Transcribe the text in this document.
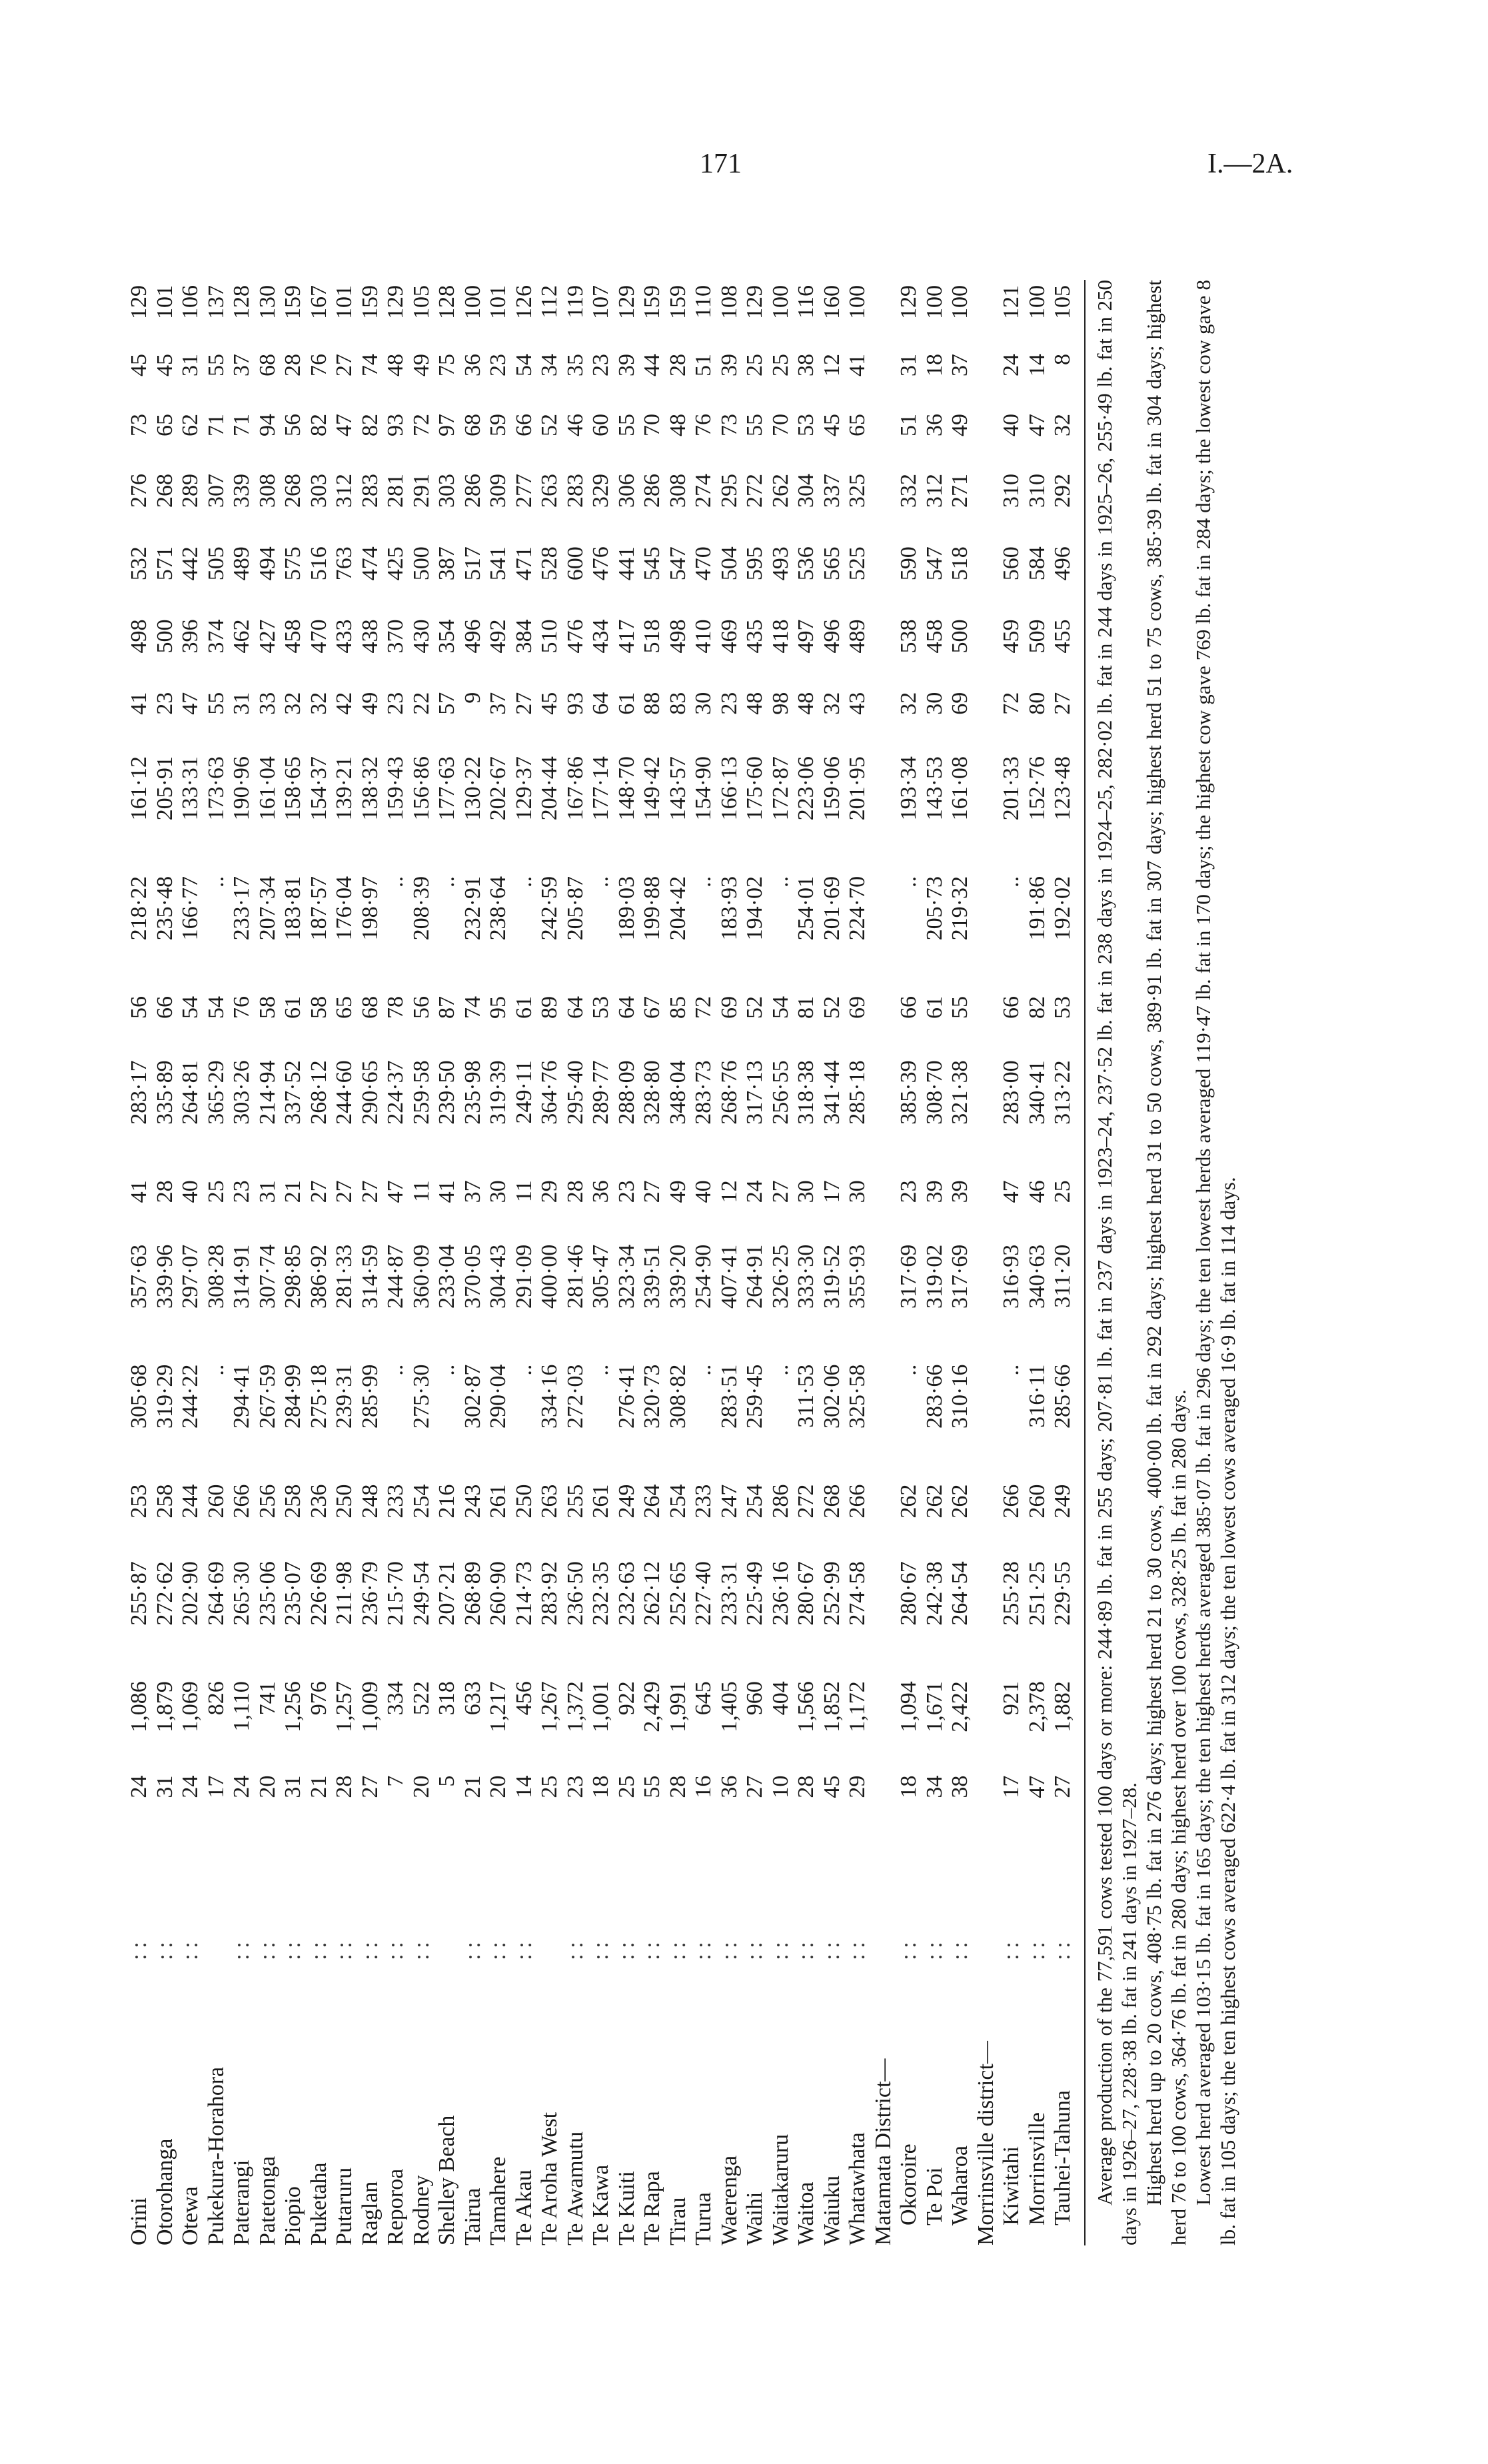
171	I.—2A.
Orini	: :	24	1,086	255·87	253	305·68	357·63	41	283·17	56	218·22	161·12	41	498	532	276	73	45	129
Otorohanga	: :	31	1,879	272·62	258	319·29	339·96	28	335·89	66	235·48	205·91	23	500	571	268	65	45	101
Otewa	: :	24	1,069	202·90	244	244·22	297·07	40	264·81	54	166·77	133·31	47	396	442	289	62	31	106
Pukekura-Horahora		17	826	264·69	260	..	308·28	25	365·29	54	..	173·63	55	374	505	307	71	55	137
Paterangi	: :	24	1,110	265·30	266	294·41	314·91	23	303·26	76	233·17	190·96	31	462	489	339	71	37	128
Patetonga	: :	20	741	235·06	256	267·59	307·74	31	214·94	58	207·34	161·04	33	427	494	308	94	68	130
Piopio	: :	31	1,256	235·07	258	284·99	298·85	21	337·52	61	183·81	158·65	32	458	575	268	56	28	159
Puketaha	: :	21	976	226·69	236	275·18	386·92	27	268·12	58	187·57	154·37	32	470	516	303	82	76	167
Putaruru	: :	28	1,257	211·98	250	239·31	281·33	27	244·60	65	176·04	139·21	42	433	763	312	47	27	101
Raglan	: :	27	1,009	236·79	248	285·99	314·59	27	290·65	68	198·97	138·32	49	438	474	283	82	74	159
Reporoa	: :	7	334	215·70	233	..	244·87	47	224·37	78	..	159·43	23	370	425	281	93	48	129
Rodney	: :	20	522	249·54	254	275·30	360·09	11	259·58	56	208·39	156·86	22	430	500	291	72	49	105
Shelley Beach		5	318	207·21	216	..	233·04	41	239·50	87	..	177·63	57	354	387	303	97	75	128
Tairua	: :	21	633	268·89	243	302·87	370·05	37	235·98	74	232·91	130·22	9	496	517	286	68	36	100
Tamahere	: :	20	1,217	260·90	261	290·04	304·43	30	319·39	95	238·64	202·67	37	492	541	309	59	23	101
Te Akau	: :	14	456	214·73	250	..	291·09	11	249·11	61	..	129·37	27	384	471	277	66	54	126
Te Aroha West		25	1,267	283·92	263	334·16	400·00	29	364·76	89	242·59	204·44	45	510	528	263	52	34	112
Te Awamutu	: :	23	1,372	236·50	255	272·03	281·46	28	295·40	64	205·87	167·86	93	476	600	283	46	35	119
Te Kawa	: :	18	1,001	232·35	261	..	305·47	36	289·77	53	..	177·14	64	434	476	329	60	23	107
Te Kuiti	: :	25	922	232·63	249	276·41	323·34	23	288·09	64	189·03	148·70	61	417	441	306	55	39	129
Te Rapa	: :	55	2,429	262·12	264	320·73	339·51	27	328·80	67	199·88	149·42	88	518	545	286	70	44	159
Tirau	: :	28	1,991	252·65	254	308·82	339·20	49	348·04	85	204·42	143·57	83	498	547	308	48	28	159
Turua	: :	16	645	227·40	233	..	254·90	40	283·73	72	..	154·90	30	410	470	274	76	51	110
Waerenga	: :	36	1,405	233·31	247	283·51	407·41	12	268·76	69	183·93	166·13	23	469	504	295	73	39	108
Waihi	: :	27	960	225·49	254	259·45	264·91	24	317·13	52	194·02	175·60	48	435	595	272	55	25	129
Waitakaruru	: :	10	404	236·16	286	..	326·25	27	256·55	54	..	172·87	98	418	493	262	70	25	100
Waitoa	: :	28	1,566	280·67	272	311·53	333·30	30	318·38	81	254·01	223·06	48	497	536	304	53	38	116
Waiuku	: :	45	1,852	252·99	268	302·06	319·52	17	341·44	52	201·69	159·06	32	496	565	337	45	12	160
Whatawhata	: :	29	1,172	274·58	266	325·58	355·93	30	285·18	69	224·70	201·95	43	489	525	325	65	41	100
Matamata District—																			
Okoroire	: :	18	1,094	280·67	262	..	317·69	23	385·39	66	..	193·34	32	538	590	332	51	31	129
Te Poi	: :	34	1,671	242·38	262	283·66	319·02	39	308·70	61	205·73	143·53	30	458	547	312	36	18	100
Waharoa	: :	38	2,422	264·54	262	310·16	317·69	39	321·38	55	219·32	161·08	69	500	518	271	49	37	100
Morrinsville district—																			
Kiwitahi	: :	17	921	255·28	266	..	316·93	47	283·00	66	..	201·33	72	459	560	310	40	24	121
Morrinsville	: :	47	2,378	251·25	260	316·11	340·63	46	340·41	82	191·86	152·76	80	509	584	310	47	14	100
Tauhei-Tahuna	: :	27	1,882	229·55	249	285·66	311·20	25	313·22	53	192·02	123·48	27	455	496	292	32	8	105 Average production of the 77,591 cows tested 100 days or more: 244·89 lb. fat in 255 days; 207·81 lb. fat in 237 days in 1923–24, 237·52 lb. fat in 238 days in 1924–25, 282·02 lb. fat in 244 days in 1925–26, 255·49 lb. fat in 250 days in 1926–27, 228·38 lb. fat in 241 days in 1927–28. Highest herd up to 20 cows, 408·75 lb. fat in 276 days; highest herd 21 to 30 cows, 400·00 lb. fat in 292 days; highest herd 31 to 50 cows, 389·91 lb. fat in 307 days; highest herd 51 to 75 cows, 385·39 lb. fat in 304 days; highest herd 76 to 100 cows, 364·76 lb. fat in 280 days; highest herd over 100 cows, 328·25 lb. fat in 280 days. Lowest herd averaged 103·15 lb. fat in 165 days; the ten highest herds averaged 385·07 lb. fat in 296 days; the ten lowest herds averaged 119·47 lb. fat in 170 days; the highest cow gave 769 lb. fat in 284 days; the lowest cow gave 8 lb. fat in 105 days; the ten highest cows averaged 622·4 lb. fat in 312 days; the ten lowest cows averaged 16·9 lb. fat in 114 days.
